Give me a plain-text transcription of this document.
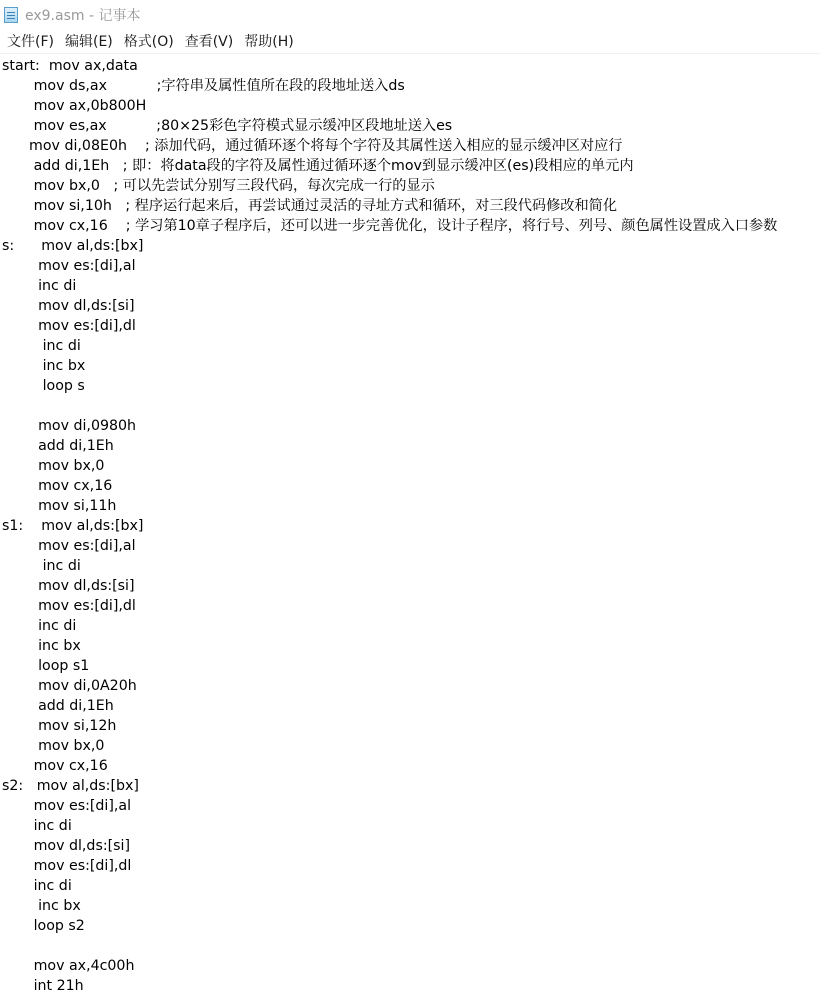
ex9.asm - 记事本
文件(F) 编辑(E) 格式(O) 查看(V) 帮助(H)
start:  mov ax,data
mov ds,ax           ;字符串及属性值所在段的段地址送入ds
mov ax,0b800H
mov es,ax           ;80×25彩色字符模式显示缓冲区段地址送入es
mov di,08E0h    ; 添加代码，通过循环逐个将每个字符及其属性送入相应的显示缓冲区对应行
add di,1Eh   ; 即：将data段的字符及属性通过循环逐个mov到显示缓冲区(es)段相应的单元内
mov bx,0   ; 可以先尝试分别写三段代码，每次完成一行的显示
mov si,10h   ; 程序运行起来后，再尝试通过灵活的寻址方式和循环，对三段代码修改和简化
mov cx,16    ; 学习第10章子程序后，还可以进一步完善优化，设计子程序，将行号、列号、颜色属性设置成入口参数
s:      mov al,ds:[bx]
mov es:[di],al
inc di
mov dl,ds:[si]
mov es:[di],dl
inc di
inc bx
loop s
mov di,0980h
add di,1Eh
mov bx,0
mov cx,16
mov si,11h
s1:    mov al,ds:[bx]
mov es:[di],al
inc di
mov dl,ds:[si]
mov es:[di],dl
inc di
inc bx
loop s1
mov di,0A20h
add di,1Eh
mov si,12h
mov bx,0
mov cx,16
s2:   mov al,ds:[bx]
mov es:[di],al
inc di
mov dl,ds:[si]
mov es:[di],dl
inc di
inc bx
loop s2
mov ax,4c00h
int 21h
